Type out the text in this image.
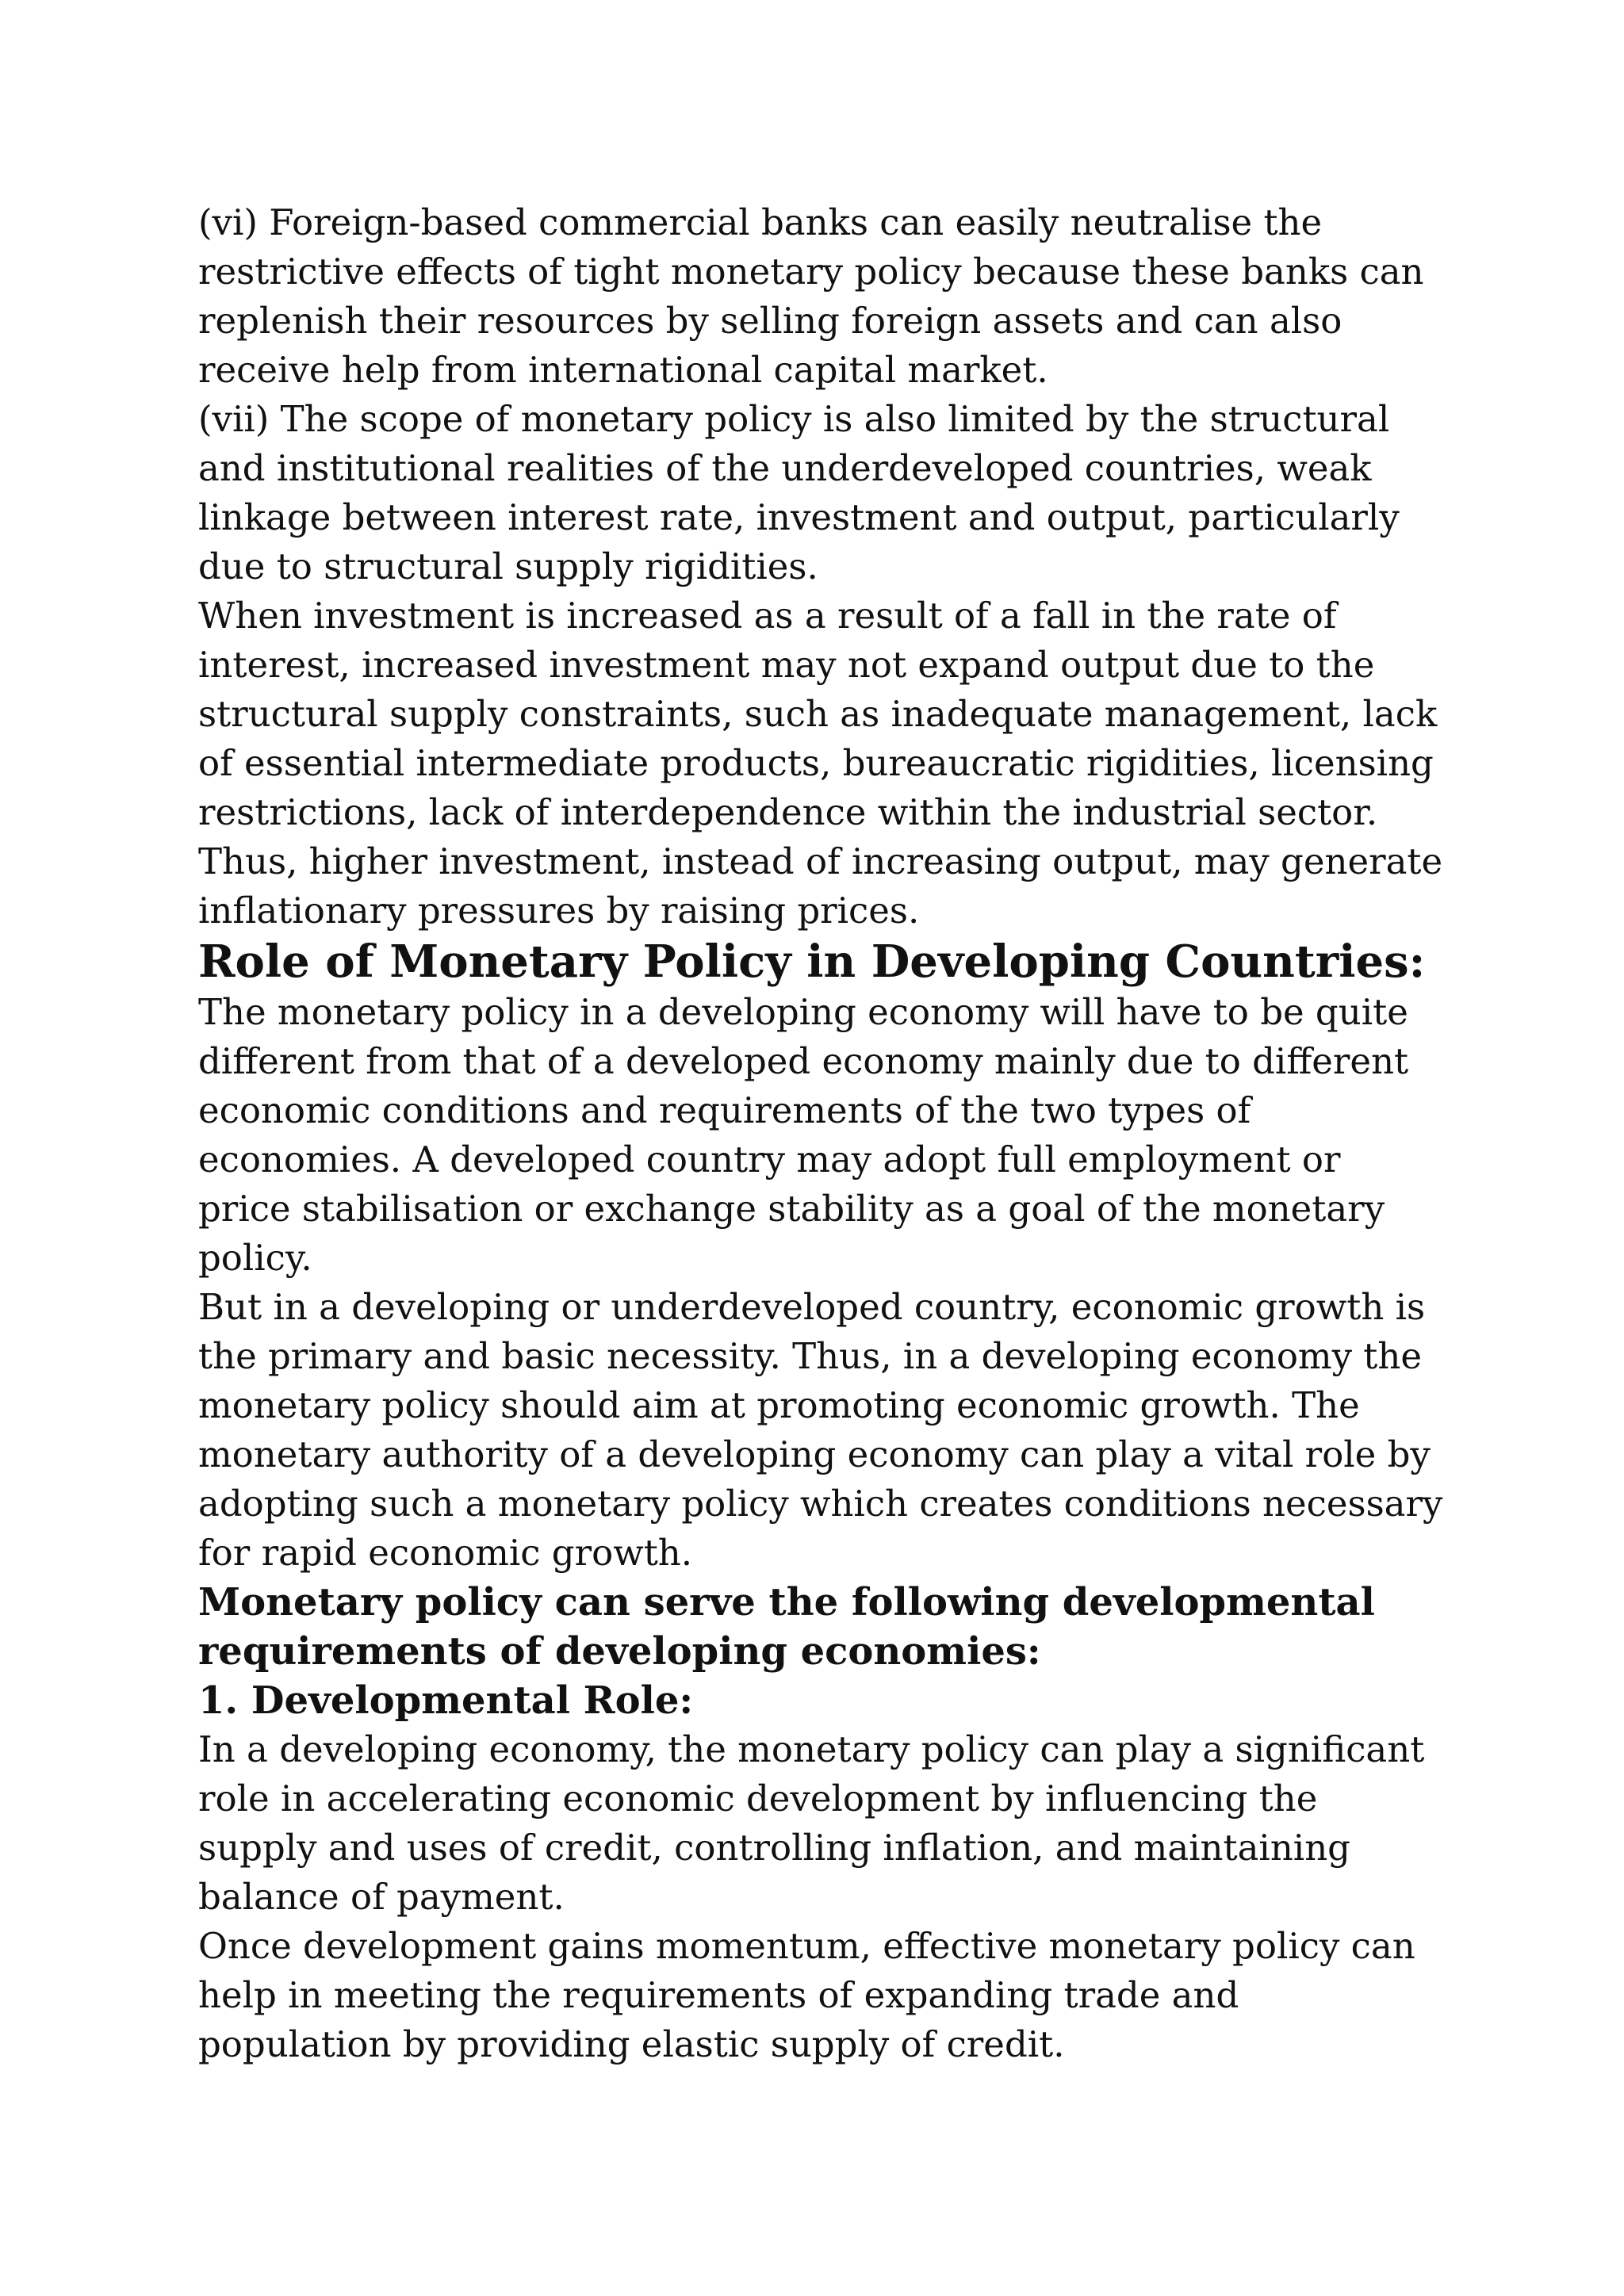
(vi) Foreign-based commercial banks can easily neutralise the
restrictive effects of tight monetary policy because these banks can
replenish their resources by selling foreign assets and can also
receive help from international capital market.
(vii) The scope of monetary policy is also limited by the structural
and institutional realities of the underdeveloped countries, weak
linkage between interest rate, investment and output, particularly
due to structural supply rigidities.
When investment is increased as a result of a fall in the rate of
interest, increased investment may not expand output due to the
structural supply constraints, such as inadequate management, lack
of essential intermediate products, bureaucratic rigidities, licensing
restrictions, lack of interdependence within the industrial sector.
Thus, higher investment, instead of increasing output, may generate
inflationary pressures by raising prices.
Role of Monetary Policy in Developing Countries:
The monetary policy in a developing economy will have to be quite
different from that of a developed economy mainly due to different
economic conditions and requirements of the two types of
economies. A developed country may adopt full employment or
price stabilisation or exchange stability as a goal of the monetary
policy.
But in a developing or underdeveloped country, economic growth is
the primary and basic necessity. Thus, in a developing economy the
monetary policy should aim at promoting economic growth. The
monetary authority of a developing economy can play a vital role by
adopting such a monetary policy which creates conditions necessary
for rapid economic growth.
Monetary policy can serve the following developmental
requirements of developing economies:
1. Developmental Role:
In a developing economy, the monetary policy can play a significant
role in accelerating economic development by influencing the
supply and uses of credit, controlling inflation, and maintaining
balance of payment.
Once development gains momentum, effective monetary policy can
help in meeting the requirements of expanding trade and
population by providing elastic supply of credit.
